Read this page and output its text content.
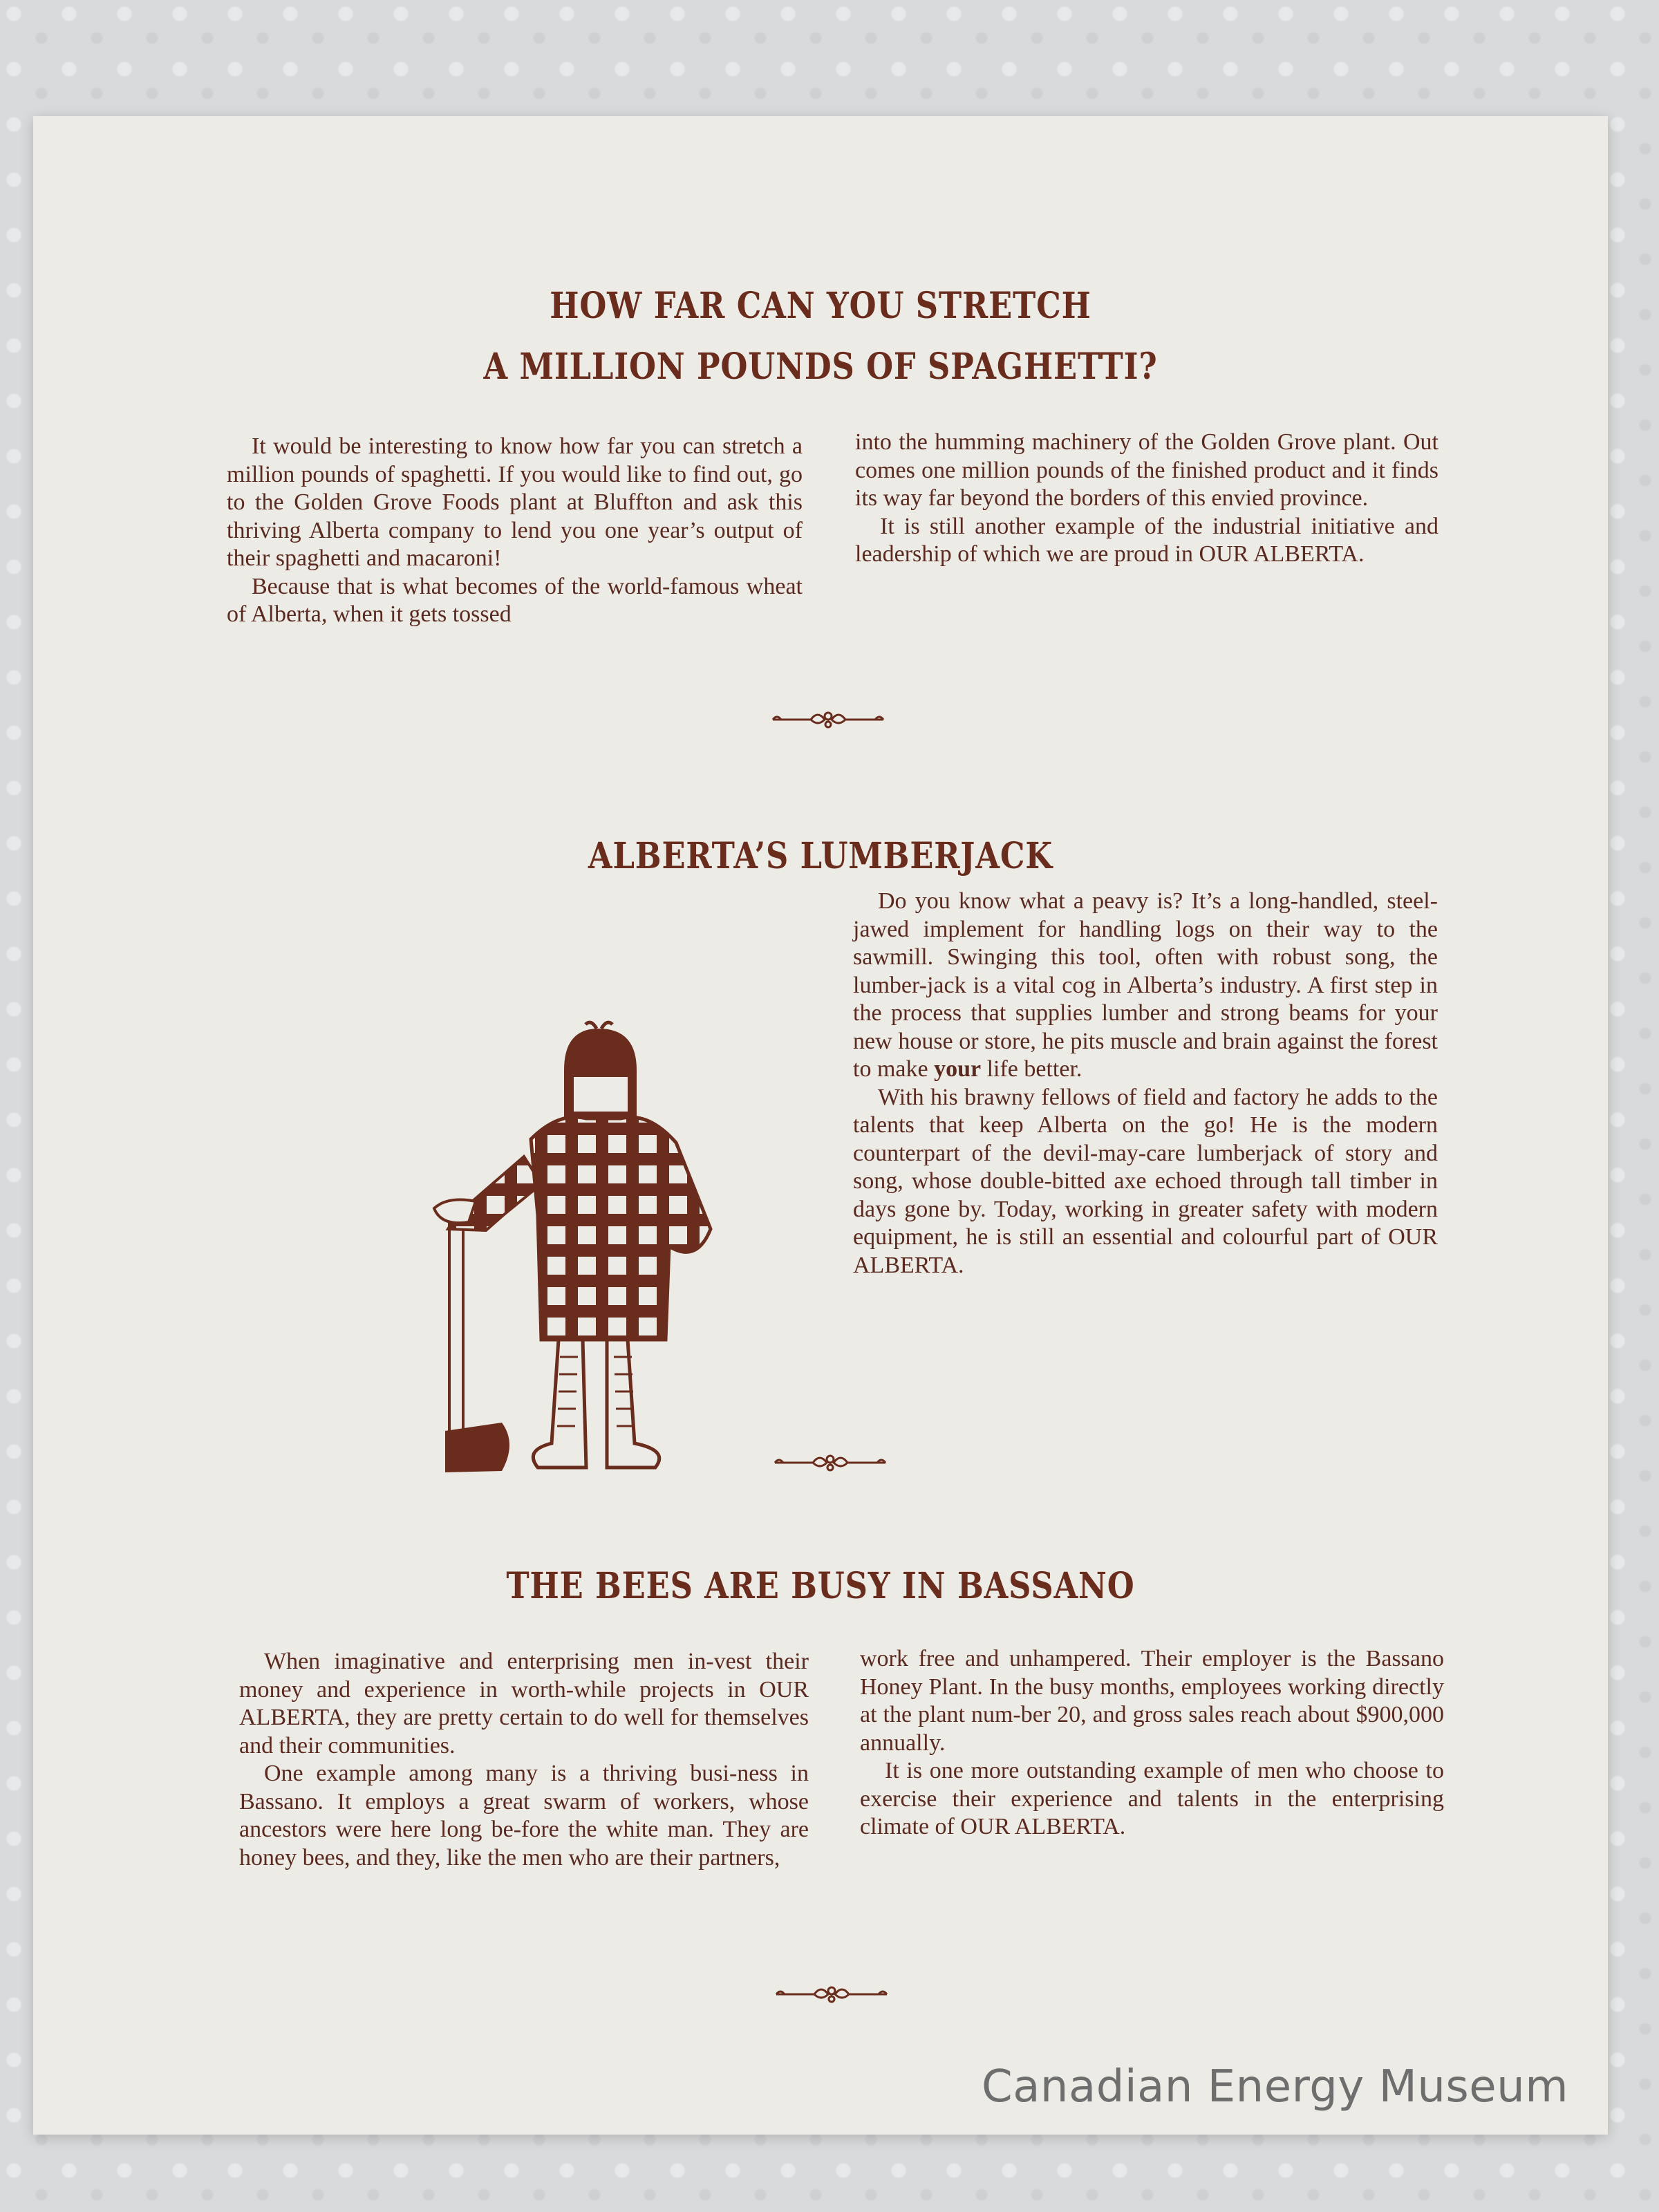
HOW FAR CAN YOU STRETCH
A MILLION POUNDS OF SPAGHETTI?

It would be interesting to know how far you can stretch a million pounds of spaghetti. If you would like to find out, go to the Golden Grove Foods plant at Bluffton and ask this thriving Alberta company to lend you one year’s output of their spaghetti and macaroni!

Because that is what becomes of the world-famous wheat of Alberta, when it gets tossed

into the humming machinery of the Golden Grove plant. Out comes one million pounds of the finished product and it finds its way far beyond the borders of this envied province.

It is still another example of the industrial initiative and leadership of which we are proud in OUR ALBERTA.

ALBERTA’S LUMBERJACK

Do you know what a peavy is? It’s a long-handled, steel-jawed implement for handling logs on their way to the sawmill. Swinging this tool, often with robust song, the lumber-jack is a vital cog in Alberta’s industry. A first step in the process that supplies lumber and strong beams for your new house or store, he pits muscle and brain against the forest to make your life better.

With his brawny fellows of field and factory he adds to the talents that keep Alberta on the go! He is the modern counterpart of the devil-may-care lumberjack of story and song, whose double-bitted axe echoed through tall timber in days gone by. Today, working in greater safety with modern equipment, he is still an essential and colourful part of OUR ALBERTA.

THE BEES ARE BUSY IN BASSANO

When imaginative and enterprising men in-vest their money and experience in worth-while projects in OUR ALBERTA, they are pretty certain to do well for themselves and their communities.

One example among many is a thriving busi-ness in Bassano. It employs a great swarm of workers, whose ancestors were here long be-fore the white man. They are honey bees, and they, like the men who are their partners,

work free and unhampered. Their employer is the Bassano Honey Plant. In the busy months, employees working directly at the plant num-ber 20, and gross sales reach about $900,000 annually.

It is one more outstanding example of men who choose to exercise their experience and talents in the enterprising climate of OUR ALBERTA.

Canadian Energy Museum
